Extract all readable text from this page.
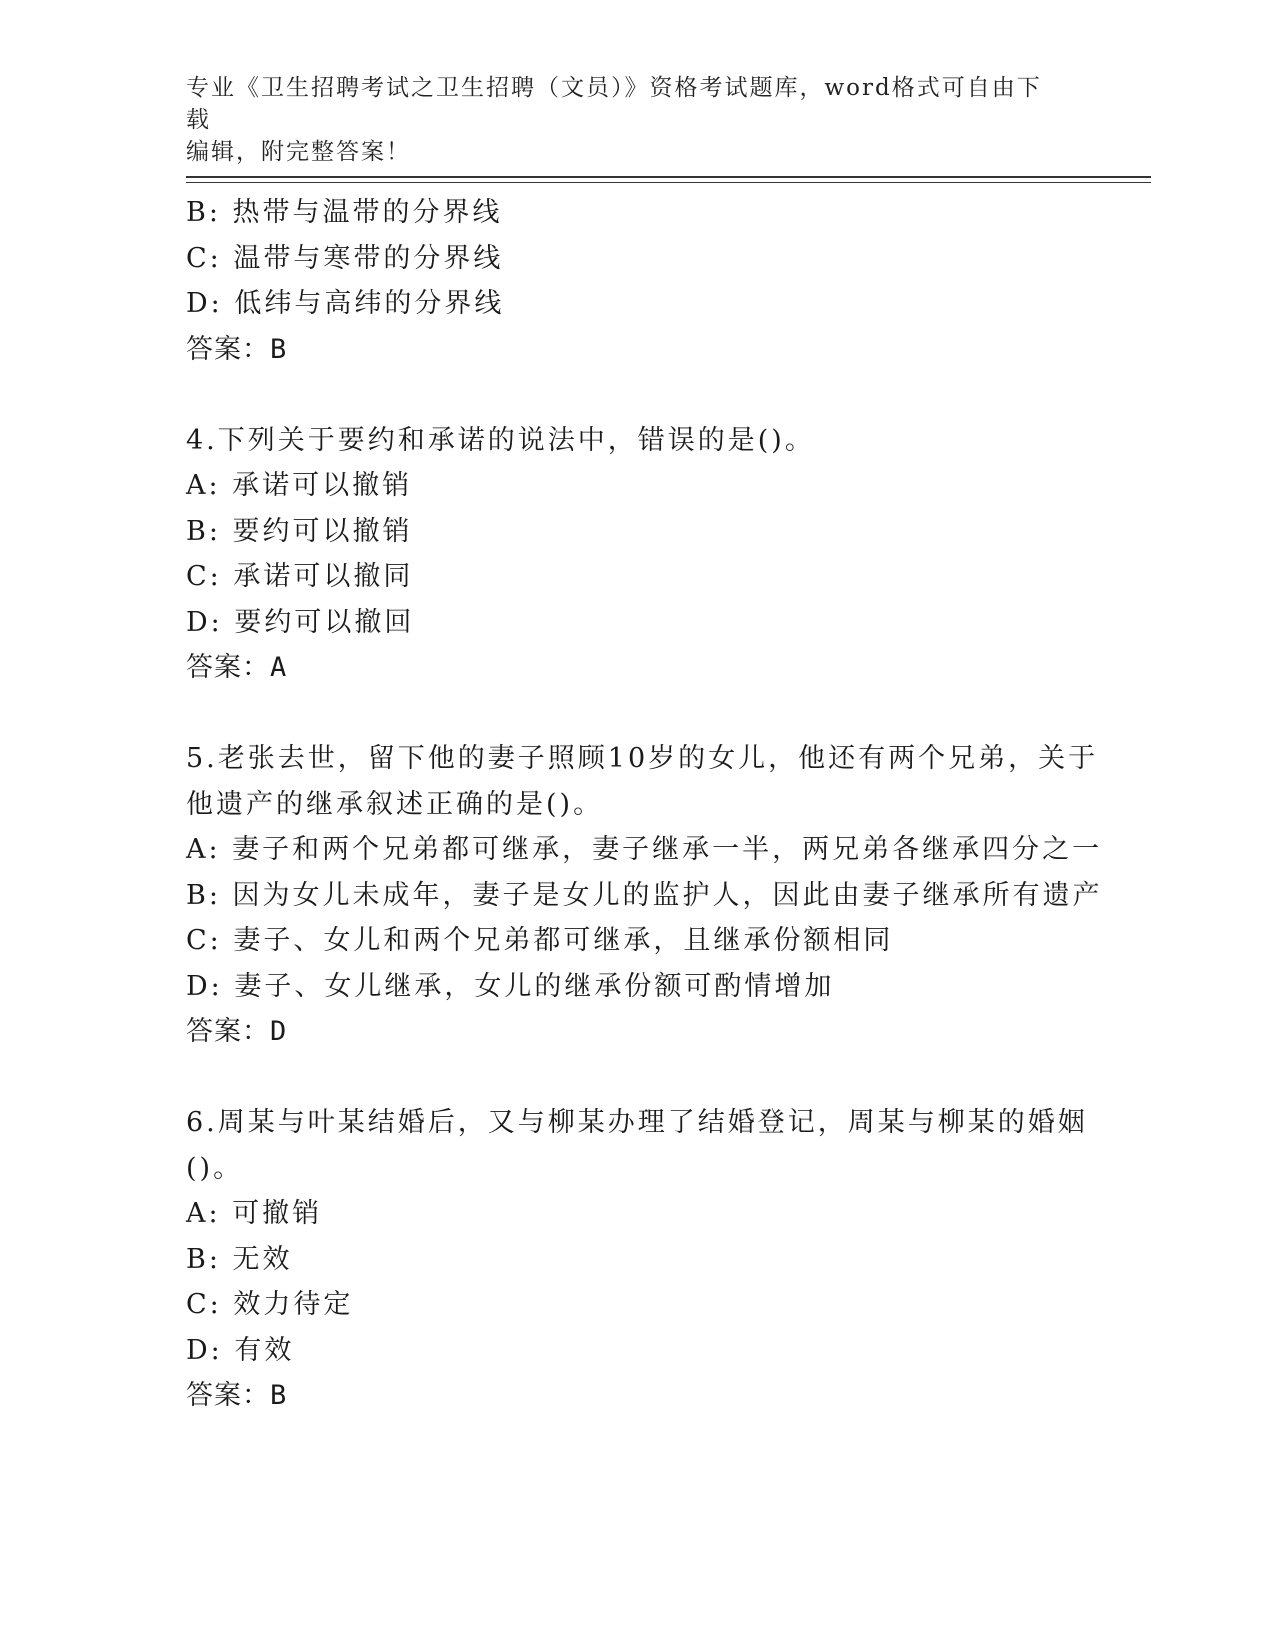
专业《卫生招聘考试之卫生招聘（文员）》资格考试题库，word格式可自由下载
编辑，附完整答案！
B: 热带与温带的分界线
C: 温带与寒带的分界线
D: 低纬与高纬的分界线
答案：B
4.下列关于要约和承诺的说法中，错误的是()。
A: 承诺可以撤销
B: 要约可以撤销
C: 承诺可以撤同
D: 要约可以撤回
答案：A
5.老张去世，留下他的妻子照顾10岁的女儿，他还有两个兄弟，关于
他遗产的继承叙述正确的是()。
A: 妻子和两个兄弟都可继承，妻子继承一半，两兄弟各继承四分之一
B: 因为女儿未成年，妻子是女儿的监护人，因此由妻子继承所有遗产
C: 妻子、女儿和两个兄弟都可继承，且继承份额相同
D: 妻子、女儿继承，女儿的继承份额可酌情增加
答案：D
6.周某与叶某结婚后，又与柳某办理了结婚登记，周某与柳某的婚姻
()。
A: 可撤销
B: 无效
C: 效力待定
D: 有效
答案：B
